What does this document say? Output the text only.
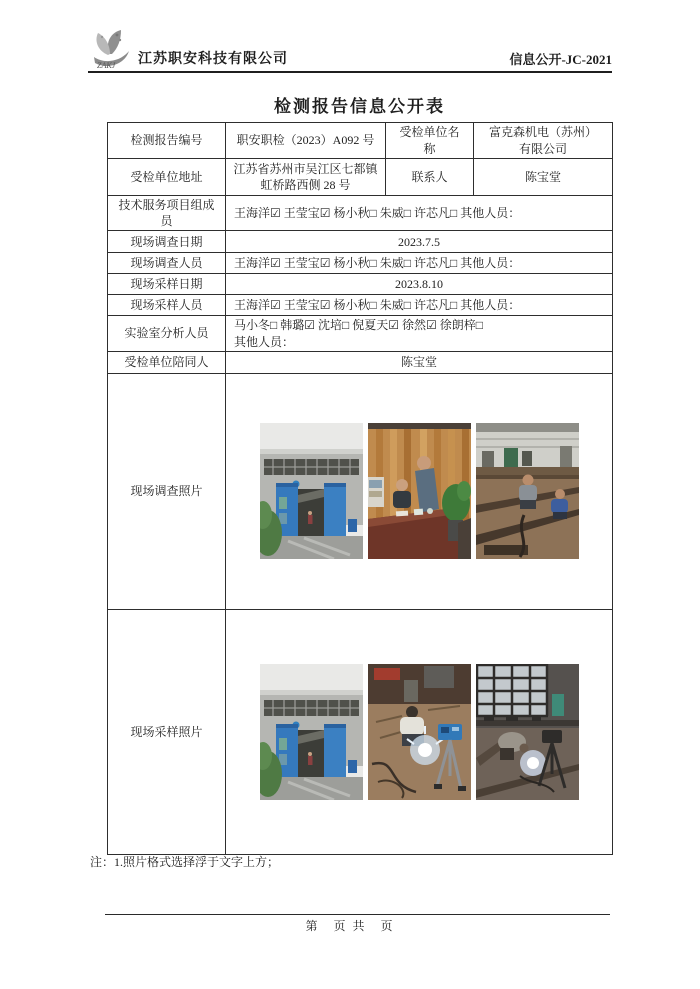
ZAKJ 江苏职安科技有限公司	信息公开-JC-2021
检测报告信息公开表
检测报告编号	职安职检（2023）A092 号	受检单位名称	富克森机电（苏州）有限公司
受检单位地址	江苏省苏州市吴江区七都镇虹桥路西侧 28 号	联系人	陈宝堂
技术服务项目组成员	王海洋☑ 王莹宝☑ 杨小秋□ 朱威□ 许芯凡□ 其他人员：		
现场调查日期	2023.7.5		
现场调查人员	王海洋☑ 王莹宝☑ 杨小秋□ 朱威□ 许芯凡□ 其他人员：		
现场采样日期	2023.8.10		
现场采样人员	王海洋☑ 王莹宝☑ 杨小秋□ 朱威□ 许芯凡□ 其他人员：		
实验室分析人员	马小冬□ 韩璐☑ 沈培□ 倪夏天☑ 徐然☑ 徐朗梓□
其他人员：		

受检单位陪同人	陈宝堂		
现场调查照片	

现场采样照片	
注：1.照片格式选择浮于文字上方；
第　页 共　页
